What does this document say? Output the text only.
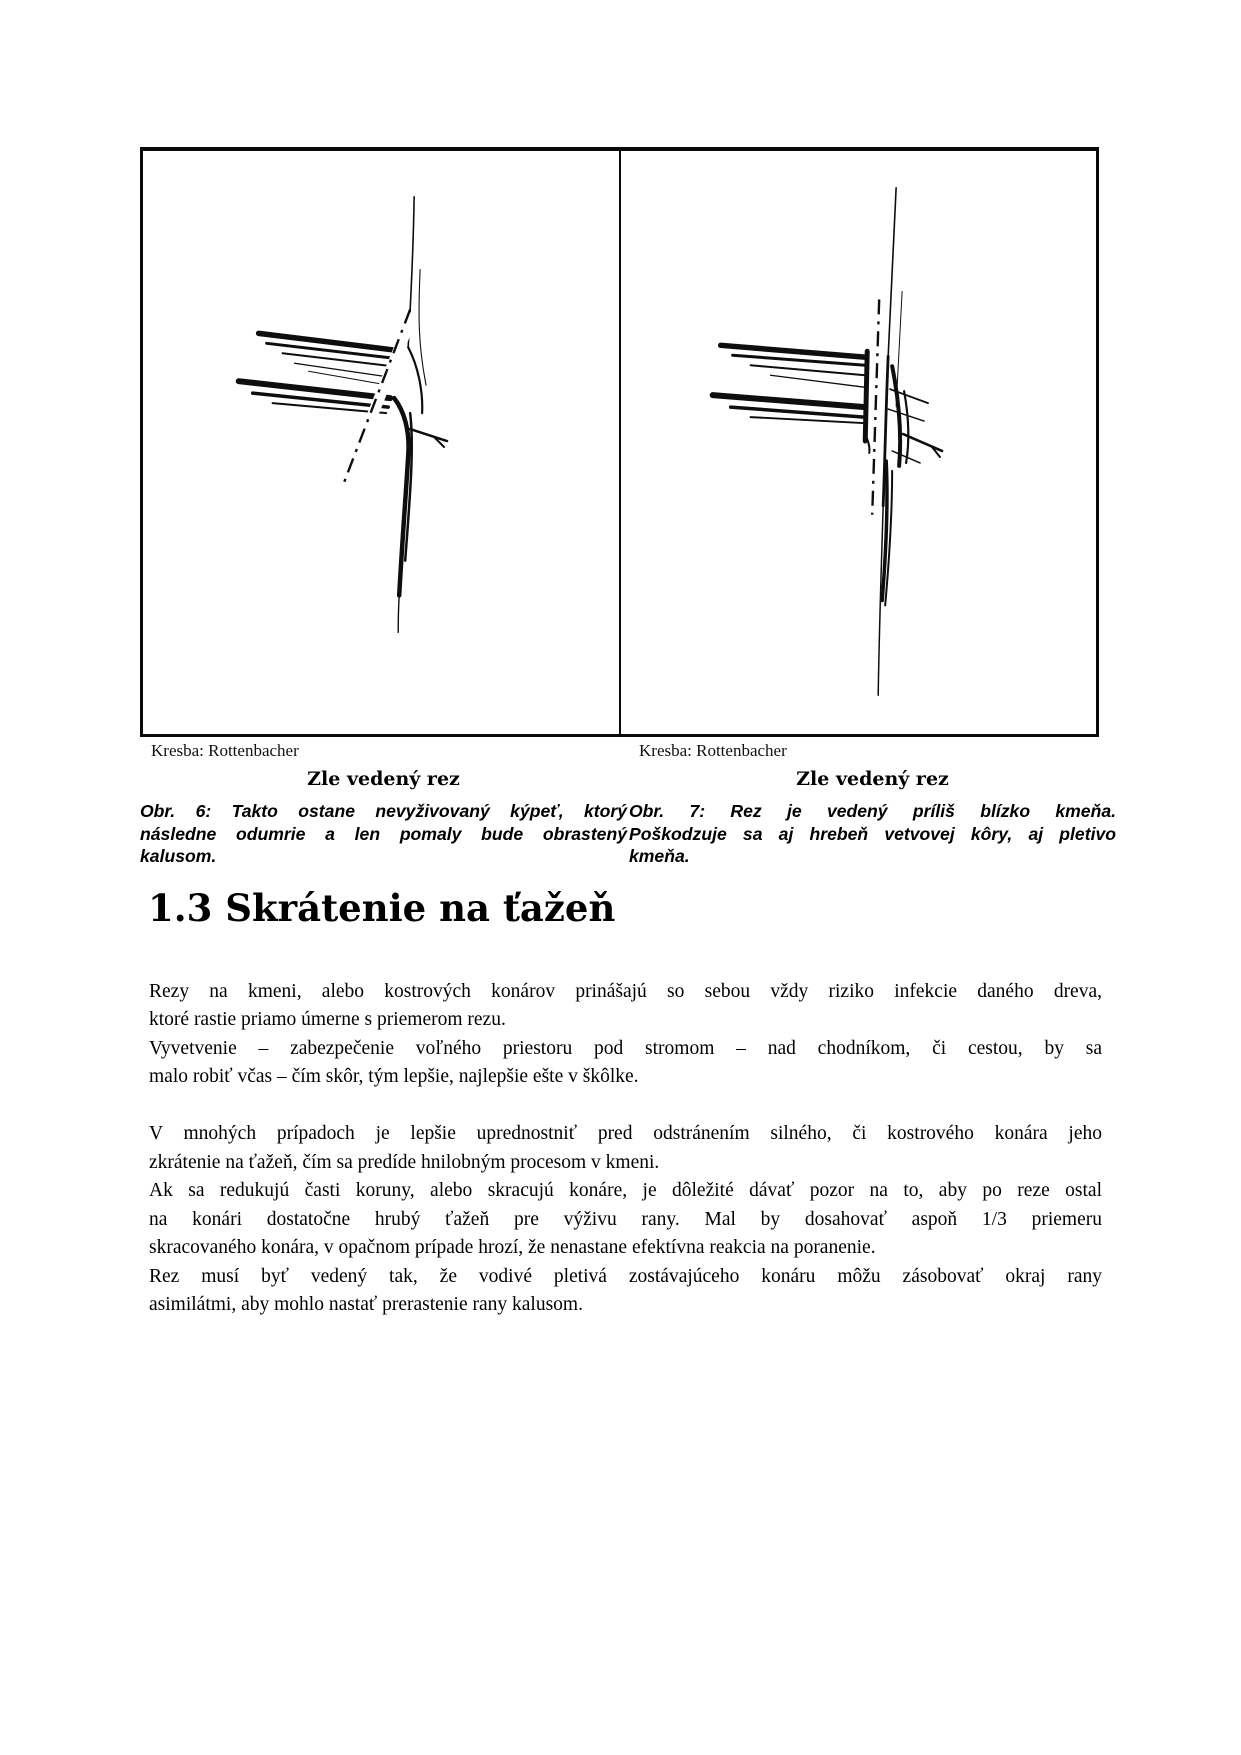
Kresba: Rottenbacher	Kresba: Rottenbacher
Zle vedený rez
Obr. 6: Takto ostane nevyživovaný kýpeť, ktorý
následne odumrie a len pomaly bude obrastený
kalusom.
Zle vedený rez
Obr. 7: Rez je vedený príliš blízko kmeňa.
Poškodzuje sa aj hrebeň vetvovej kôry, aj pletivo
kmeňa.
1.3 Skrátenie na ťažeň
Rezy na kmeni, alebo kostrových konárov prinášajú so sebou vždy riziko infekcie daného dreva,
ktoré rastie priamo úmerne s priemerom rezu.
Vyvetvenie – zabezpečenie voľného priestoru pod stromom – nad chodníkom, či cestou, by sa
malo robiť včas – čím skôr, tým lepšie, najlepšie ešte v škôlke.
V mnohých prípadoch je lepšie uprednostniť pred odstránením silného, či kostrového konára jeho
zkrátenie na ťažeň, čím sa predíde hnilobným procesom v kmeni.
Ak sa redukujú časti koruny, alebo skracujú konáre, je dôležité dávať pozor na to, aby po reze ostal
na konári dostatočne hrubý ťažeň pre výživu rany. Mal by dosahovať aspoň 1/3 priemeru
skracovaného konára, v opačnom prípade hrozí, že nenastane efektívna reakcia na poranenie.
Rez musí byť vedený tak, že vodivé pletivá zostávajúceho konáru môžu zásobovať okraj rany
asimilátmi, aby mohlo nastať prerastenie rany kalusom.
